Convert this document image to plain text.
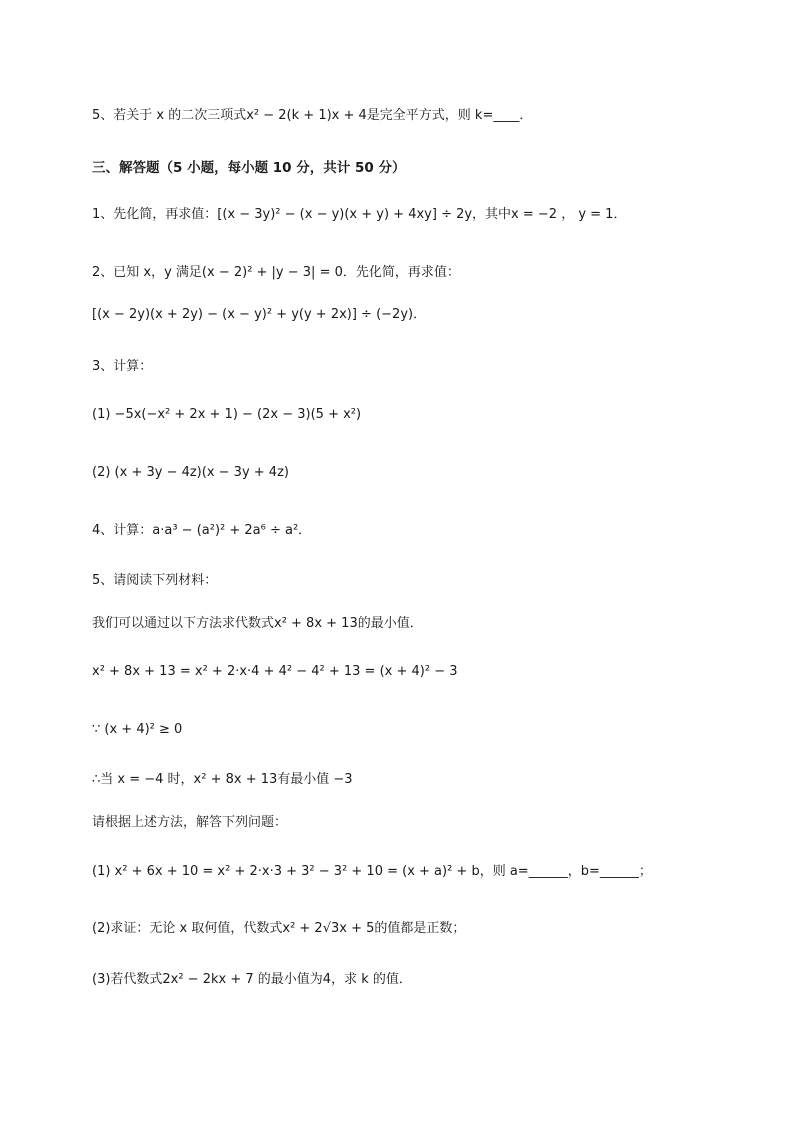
5、若关于 x 的二次三项式x² − 2(k + 1)x + 4是完全平方式，则 k=____．
三、解答题（5 小题，每小题 10 分，共计 50 分）
1、先化简，再求值：[(x − 3y)² − (x − y)(x + y) + 4xy] ÷ 2y，其中x = −2 ， y = 1．
2、已知 x，y 满足(x − 2)² + |y − 3| = 0．先化简，再求值：
[(x − 2y)(x + 2y) − (x − y)² + y(y + 2x)] ÷ (−2y)．
3、计算：
(1) −5x(−x² + 2x + 1) − (2x − 3)(5 + x²)
(2) (x + 3y − 4z)(x − 3y + 4z)
4、计算：a·a³ − (a²)² + 2a⁶ ÷ a²．
5、请阅读下列材料：
我们可以通过以下方法求代数式x² + 8x + 13的最小值．
x² + 8x + 13 = x² + 2·x·4 + 4² − 4² + 13 = (x + 4)² − 3
∵ (x + 4)² ≥ 0
∴当 x = −4 时，x² + 8x + 13有最小值 −3
请根据上述方法，解答下列问题：
(1) x² + 6x + 10 = x² + 2·x·3 + 3² − 3² + 10 = (x + a)² + b，则 a=______，b=______；
(2)求证：无论 x 取何值，代数式x² + 2√3x + 5的值都是正数；
(3)若代数式2x² − 2kx + 7 的最小值为4，求 k 的值．
